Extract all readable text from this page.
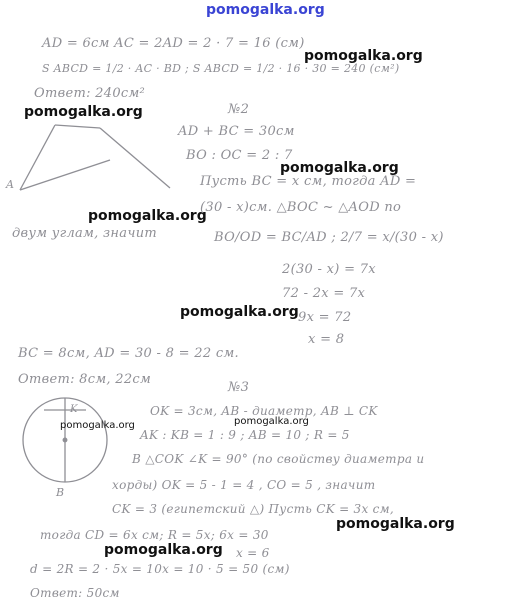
A
B
K
AD = 6см AC = 2AD = 2 · 7 = 16 (см)
S ABCD = 1/2 · AC · BD ; S ABCD = 1/2 · 16 · 30 = 240 (см²)
Ответ: 240см²
№2
AD + BC = 30см
BO : OC = 2 : 7
Пусть BC = x см, тогда AD =
(30 - x)см. △BOC ~ △AOD по
двум углам, значит	BO/OD = BC/AD ; 2/7 = x/(30 - x)
2(30 - x) = 7x
72 - 2x = 7x
9x = 72
x = 8
BC = 8см, AD = 30 - 8 = 22 см.
Ответ: 8см, 22см
№3
OK = 3см, AB - диаметр, AB ⊥ CK
AK : KB = 1 : 9 ; AB = 10 ; R = 5
B △COK ∠K = 90° (по свойству диаметра и
хорды) OK = 5 - 1 = 4 , CO = 5 , значит
CK = 3 (египетский △) Пусть CK = 3x см,
тогда CD = 6x см; R = 5x; 6x = 30
x = 6
d = 2R = 2 · 5x = 10x = 10 · 5 = 50 (см)
Ответ: 50см
pomogalka.org
pomogalka.org
pomogalka.org
pomogalka.org
pomogalka.org
pomogalka.org
pomogalka.org	pomogalka.org
pomogalka.org
pomogalka.org
